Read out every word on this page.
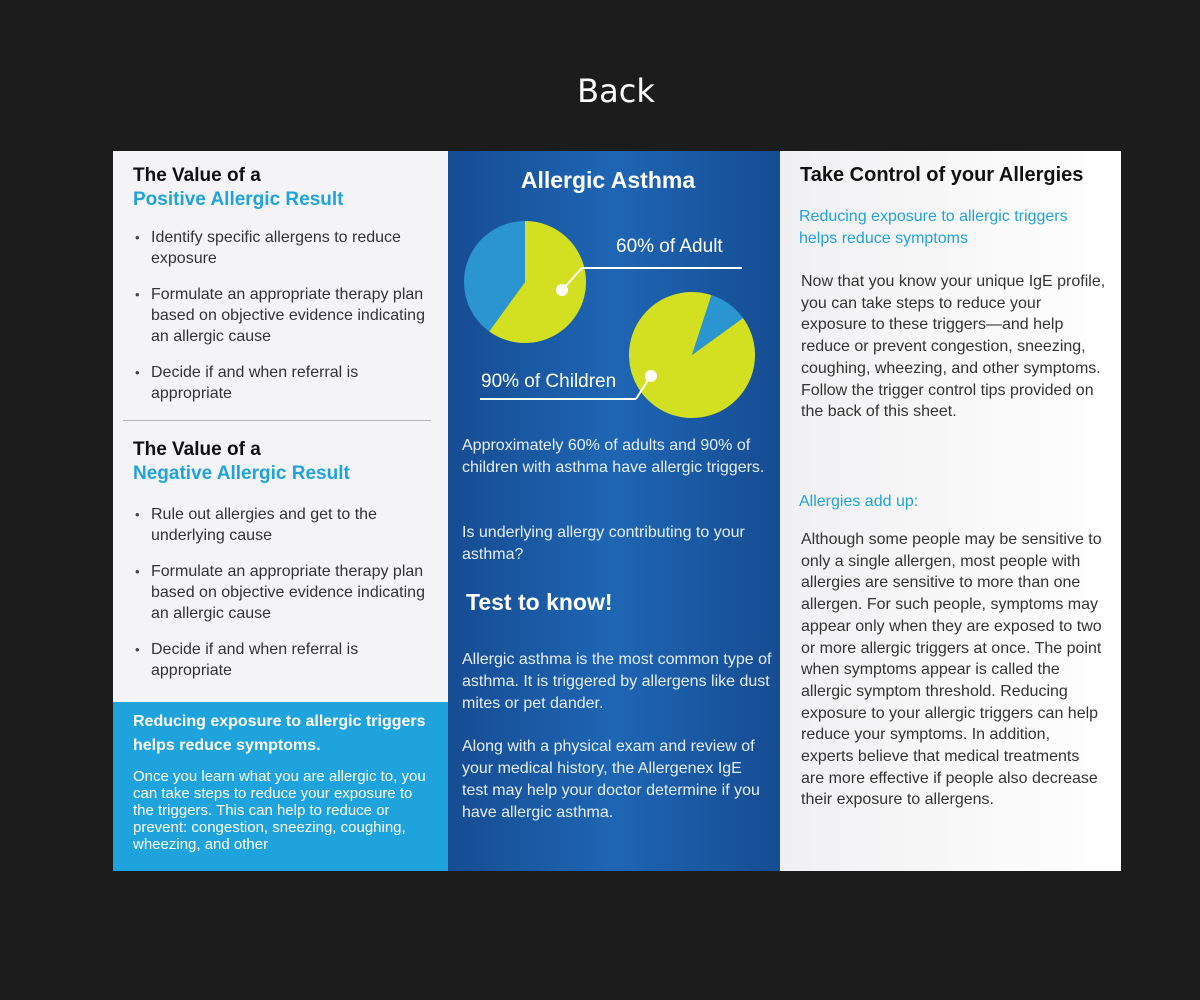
Back
The Value of a
Positive Allergic Result
• Identify specific allergens to reduce exposure
• Formulate an appropriate therapy plan based on objective evidence indicating an allergic cause
• Decide if and when referral is appropriate
The Value of a
Negative Allergic Result
• Rule out allergies and get to the underlying cause
• Formulate an appropriate therapy plan based on objective evidence indicating an allergic cause
• Decide if and when referral is appropriate
Reducing exposure to allergic triggers helps reduce symptoms.
Once you learn what you are allergic to, you can take steps to reduce your exposure to the triggers. This can help to reduce or prevent: congestion, sneezing, coughing, wheezing, and other
Allergic Asthma
60% of Adult
90% of Children

Approximately 60% of adults and 90% of children with asthma have allergic triggers.

Is underlying allergy contributing to your asthma?

Test to know!

Allergic asthma is the most common type of asthma. It is triggered by allergens like dust mites or pet dander.

Along with a physical exam and review of your medical history, the Allergenex IgE test may help your doctor determine if you have allergic asthma.

Take Control of your Allergies

Reducing exposure to allergic triggers helps reduce symptoms

Now that you know your unique IgE profile, you can take steps to reduce your exposure to these triggers—and help reduce or prevent congestion, sneezing, coughing, wheezing, and other symptoms. Follow the trigger control tips provided on the back of this sheet.

Allergies add up:

Although some people may be sensitive to only a single allergen, most people with allergies are sensitive to more than one allergen. For such people, symptoms may appear only when they are exposed to two or more allergic triggers at once. The point when symptoms appear is called the allergic symptom threshold. Reducing exposure to your allergic triggers can help reduce your symptoms. In addition, experts believe that medical treatments are more effective if people also decrease their exposure to allergens.
